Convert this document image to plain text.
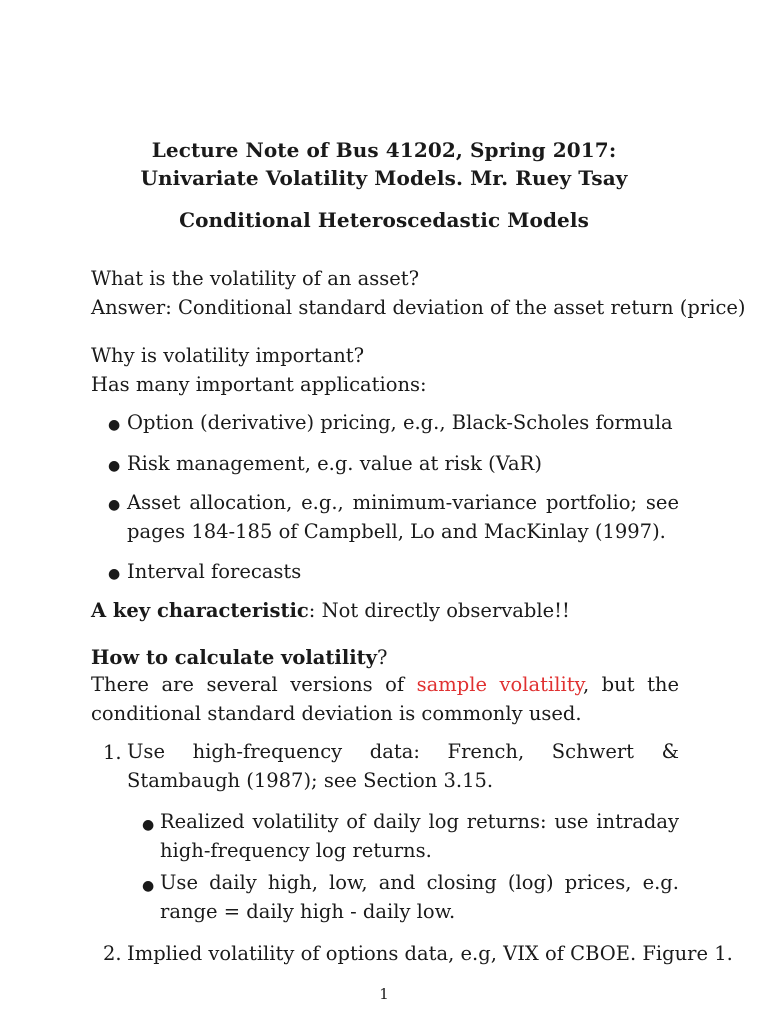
Lecture Note of Bus 41202, Spring 2017:
Univariate Volatility Models. Mr. Ruey Tsay
Conditional Heteroscedastic Models
What is the volatility of an asset?
Answer: Conditional standard deviation of the asset return (price)
Why is volatility important?
Has many important applications:
● Option (derivative) pricing, e.g., Black-Scholes formula
● Risk management, e.g. value at risk (VaR)
● Asset allocation, e.g., minimum-variance portfolio; see pages 184-185 of Campbell, Lo and MacKinlay (1997).
● Interval forecasts
A key characteristic: Not directly observable!!
How to calculate volatility?
There are several versions of sample volatility, but the conditional standard deviation is commonly used.
1. Use high-frequency data: French, Schwert & Stambaugh (1987); see Section 3.15.
● Realized volatility of daily log returns: use intraday high-frequency log returns.
● Use daily high, low, and closing (log) prices, e.g. range = daily high - daily low.
2. Implied volatility of options data, e.g, VIX of CBOE. Figure 1.
1
